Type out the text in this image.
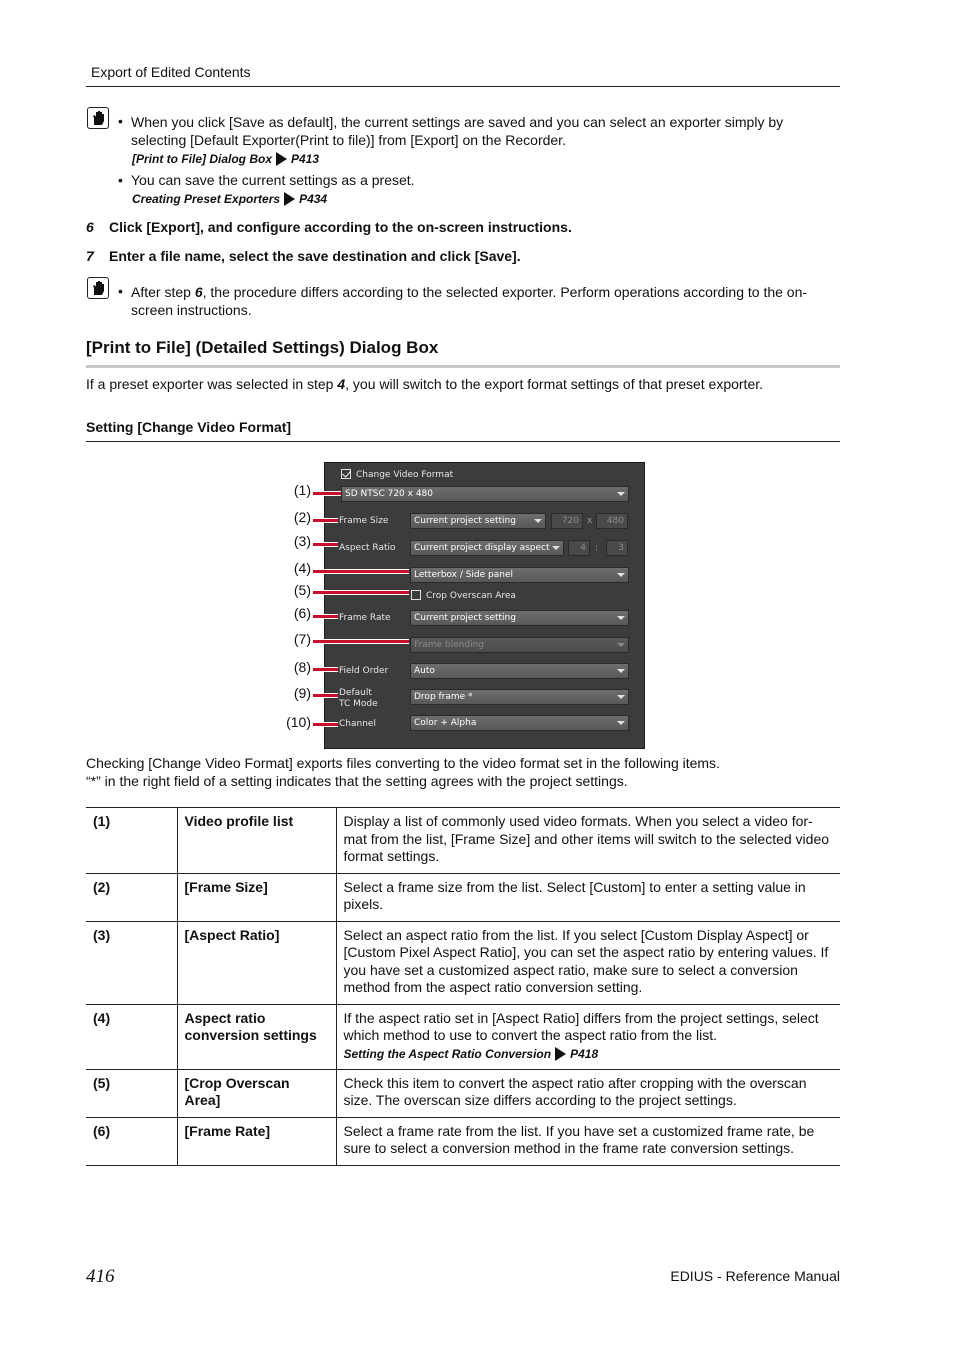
Export of Edited Contents
• When you click [Save as default], the current settings are saved and you can select an exporter simply by selecting [Default Exporter(Print to file)] from [Export] on the Recorder.
[Print to File] Dialog Box P413
• You can save the current settings as a preset.
Creating Preset Exporters P434
6 Click [Export], and configure according to the on-screen instructions.
7 Enter a file name, select the save destination and click [Save].
• After step 6, the procedure differs according to the selected exporter. Perform operations according to the on-screen instructions.
[Print to File] (Detailed Settings) Dialog Box
If a preset exporter was selected in step 4, you will switch to the export format settings of that preset exporter.
Setting [Change Video Format]
Change Video Format
SD NTSC 720 x 480
Frame Size	Current project setting	720 x	480
Aspect Ratio	Current project display aspect	4	:	3
Letterbox / Side panel
Crop Overscan Area
Frame Rate	Current project setting
Frame blending
Field Order	Auto
Default
TC Mode
Drop frame *
Channel	Color + Alpha
(1)
(2)
(3)
(4)
(5)
(6)
(7)
(8)
(9)
(10)
Checking [Change Video Format] exports files converting to the video format set in the following items.
“*” in the right field of a setting indicates that the setting agrees with the project settings.
(1)	Video profile list	Display a list of commonly used video formats. When you select a video for-mat from the list, [Frame Size] and other items will switch to the selected video format settings.
(2)	[Frame Size]	Select a frame size from the list. Select [Custom] to enter a setting value in pixels.
(3)	[Aspect Ratio]	Select an aspect ratio from the list. If you select [Custom Display Aspect] or [Custom Pixel Aspect Ratio], you can set the aspect ratio by entering values. If you have set a customized aspect ratio, make sure to select a conversion method from the aspect ratio conversion setting.
(4)	Aspect ratio conversion settings	If the aspect ratio set in [Aspect Ratio] differs from the project settings, select which method to use to convert the aspect ratio from the list.
Setting the Aspect Ratio Conversion P418

(5)	[Crop Overscan Area]	Check this item to convert the aspect ratio after cropping with the overscan size. The overscan size differs according to the project settings.
(6)	[Frame Rate]	Select a frame rate from the list. If you have set a customized frame rate, be sure to select a conversion method in the frame rate conversion settings.
416	EDIUS - Reference Manual
